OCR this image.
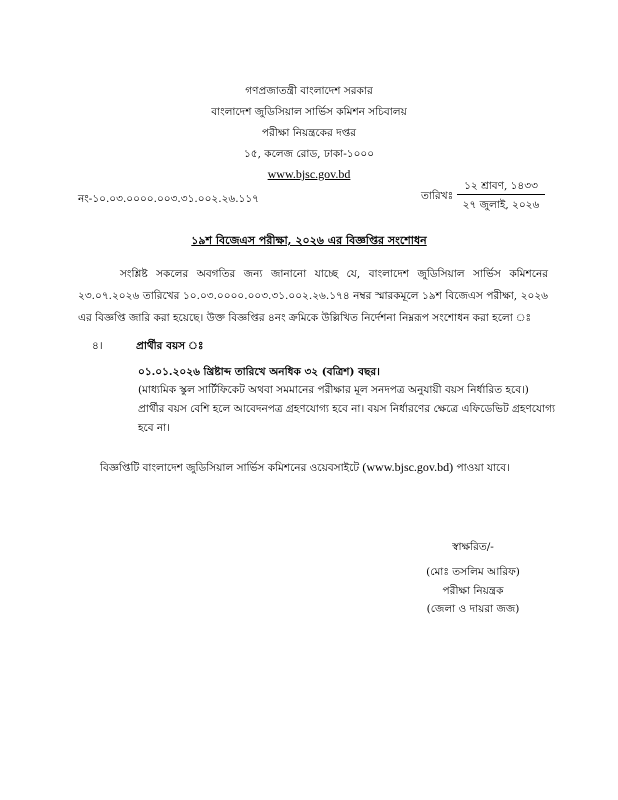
গণপ্রজাতন্ত্রী বাংলাদেশ সরকার
বাংলাদেশ জুডিসিয়াল সার্ভিস কমিশন সচিবালয়
পরীক্ষা নিয়ন্ত্রকের দপ্তর
১৫, কলেজ রোড, ঢাকা-১০০০
www.bjsc.gov.bd
নং-১০.০৩.০০০০.০০৩.৩১.০০২.২৬.১১৭	তারিখঃ
১২ শ্রাবণ, ১৪৩৩
২৭ জুলাই, ২০২৬
১৯শ বিজেএস পরীক্ষা, ২০২৬ এর বিজ্ঞপ্তির সংশোধন
সংশ্লিষ্ট সকলের অবগতির জন্য জানানো যাচ্ছে যে, বাংলাদেশ জুডিসিয়াল সার্ভিস কমিশনের ২৩.০৭.২০২৬ তারিখের ১০.০৩.০০০০.০০৩.৩১.০০২.২৬.১৭৪ নম্বর স্মারকমূলে ১৯শ বিজেএস পরীক্ষা, ২০২৬ এর বিজ্ঞপ্তি জারি করা হয়েছে। উক্ত বিজ্ঞপ্তির ৪নং ক্রমিকে উল্লিখিত নির্দেশনা নিম্নরূপ সংশোধন করা হলো ঃ
৪।	প্রার্থীর বয়স ঃ
০১.০১.২০২৬ খ্রিষ্টাব্দ তারিখে অনধিক ৩২ (বত্রিশ) বছর।
(মাধ্যমিক স্কুল সার্টিফিকেট অথবা সমমানের পরীক্ষার মূল সনদপত্র অনুযায়ী বয়স নির্ধারিত হবে।)
প্রার্থীর বয়স বেশি হলে আবেদনপত্র গ্রহণযোগ্য হবে না। বয়স নির্ধারণের ক্ষেত্রে এফিডেভিট গ্রহণযোগ্য
হবে না।
বিজ্ঞপ্তিটি বাংলাদেশ জুডিসিয়াল সার্ভিস কমিশনের ওয়েবসাইটে (www.bjsc.gov.bd) পাওয়া যাবে।
স্বাক্ষরিত/-
(মোঃ তসলিম আরিফ)
পরীক্ষা নিয়ন্ত্রক
(জেলা ও দায়রা জজ)
